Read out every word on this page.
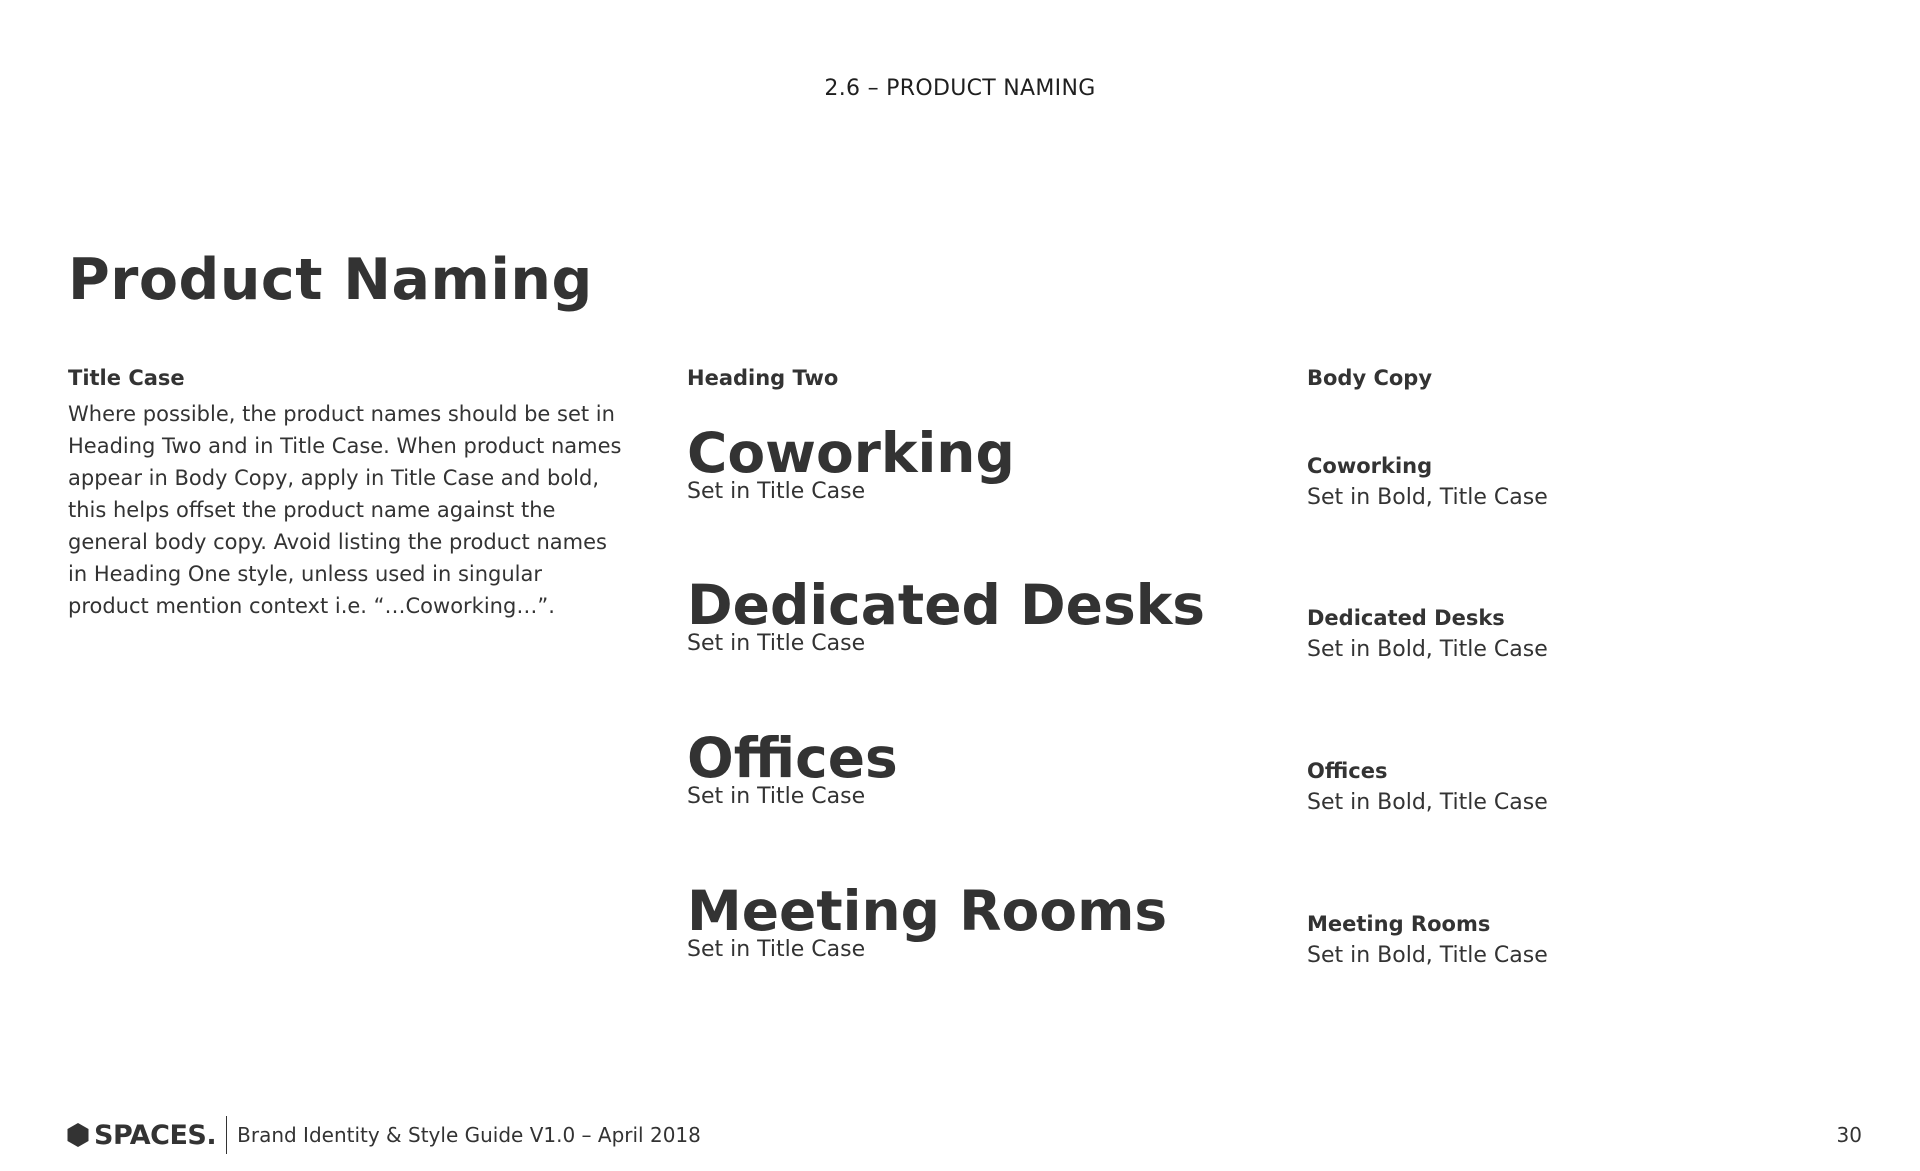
2.6 – PRODUCT NAMING
Product Naming
Title Case
Where possible, the product names should be set in Heading Two and in Title Case. When product names appear in Body Copy, apply in Title Case and bold, this helps offset the product name against the general body copy. Avoid listing the product names in Heading One style, unless used in singular product mention context i.e. “…Coworking…”.
Heading Two
Coworking
Set in Title Case
Dedicated Desks
Set in Title Case
Offices
Set in Title Case
Meeting Rooms
Set in Title Case
Body Copy
Coworking
Set in Bold, Title Case
Dedicated Desks
Set in Bold, Title Case
Offices
Set in Bold, Title Case
Meeting Rooms
Set in Bold, Title Case
SPACES. Brand Identity & Style Guide V1.0 – April 2018	30
